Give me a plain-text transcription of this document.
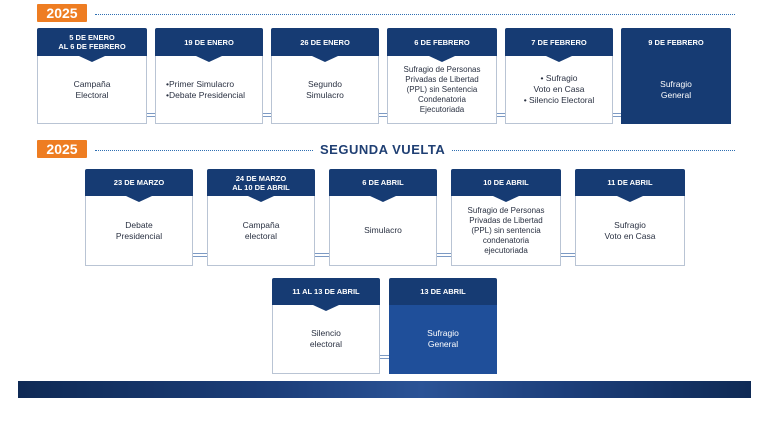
2025
5 DE ENERO
AL 6 DE FEBRERO
Campaña
Electoral
19 DE ENERO
•Primer Simulacro
•Debate Presidencial
26 DE ENERO
Segundo
Simulacro
6 DE FEBRERO
Sufragio de Personas
Privadas de Libertad
(PPL) sin Sentencia
Condenatoria
Ejecutoriada
7 DE FEBRERO
• Sufragio
Voto en Casa
• Silencio Electoral
9 DE FEBRERO
Sufragio
General
2025	SEGUNDA VUELTA
23 DE MARZO
Debate
Presidencial
24 DE MARZO
AL 10 DE ABRIL
Campaña
electoral
6 DE ABRIL
Simulacro
10 DE ABRIL
Sufragio de Personas
Privadas de Libertad
(PPL) sin sentencia
condenatoria
ejecutoriada
11 DE ABRIL
Sufragio
Voto en Casa
11 AL 13 DE ABRIL
Silencio
electoral
13 DE ABRIL
Sufragio
General
